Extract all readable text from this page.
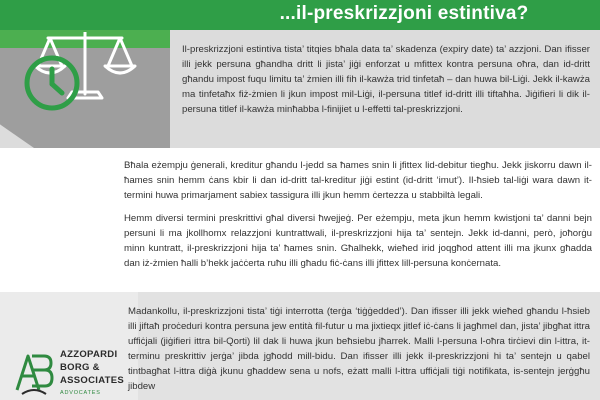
...il-preskrizzjoni estintiva?

Il-preskrizzjoni estintiva tista’ titqies bħala data ta’ skadenza (expiry date) ta’ azzjoni. Dan ifisser illi jekk persuna għandha dritt li jista’ jiġi enforzat u mfittex kontra persuna oħra, dan id-dritt għandu impost fuqu limitu ta’ żmien illi fih il-kawża trid tinfetaħ – dan huwa bil-Liġi. Jekk il-kawża ma tinfetaħx fiż-żmien li jkun impost mil-Liġi, il-persuna titlef id-dritt illi tiftaħha. Jiġifieri li dik il-persuna titlef il-kawża minħabba l-finijiet u l-effetti tal-preskrizzjoni.

Bħala eżempju ġenerali, kreditur għandu l-jedd sa ħames snin li jfittex lid-debitur tiegħu. Jekk jiskorru dawn il-ħames snin hemm ċans kbir li dan id-dritt tal-kreditur jiġi estint (id-dritt ‘imut’). Il-ħsieb tal-liġi wara dawn it-termini huwa primarjament sabiex tassigura illi jkun hemm ċertezza u stabbiltà legali.

Hemm diversi termini preskrittivi għal diversi ħwejjeġ. Per eżempju, meta jkun hemm kwistjoni ta’ danni bejn persuni li ma jkollhomx relazzjoni kuntrattwali, il-preskrizzjoni hija ta’ sentejn. Jekk id-danni, però, joħorġu minn kuntratt, il-preskrizzjoni hija ta’ ħames snin. Għalhekk, wieħed irid joqgħod attent illi ma jkunx għadda dan iż-żmien ħalli b’hekk jaċċerta ruħu illi għadu fiċ-ċans illi jfittex lill-persuna konċernata.

Madankollu, il-preskrizzjoni tista’ tiġi interrotta (terġa ‘tiġġedded’). Dan ifisser illi jekk wieħed għandu l-ħsieb illi jiftaħ proċeduri kontra persuna jew entità fil-futur u ma jixtieqx jitlef iċ-ċans li jagħmel dan, jista’ jibgħat ittra uffiċjali (jiġifieri ittra bil-Qorti) lil dak li huwa jkun beħsiebu jħarrek. Malli l-persuna l-oħra tirċievi din l-ittra, it-terminu preskrittiv jerġa’ jibda jgħodd mill-bidu. Dan ifisser illi jekk il-preskrizzjoni hi ta’ sentejn u qabel tintbagħat l-ittra diġà jkunu għaddew sena u nofs, eżatt malli l-ittra uffiċjali tiġi notifikata, is-sentejn jerġgħu jibdew

AZZOPARDI
BORG &
ASSOCIATES
ADVOCATES
